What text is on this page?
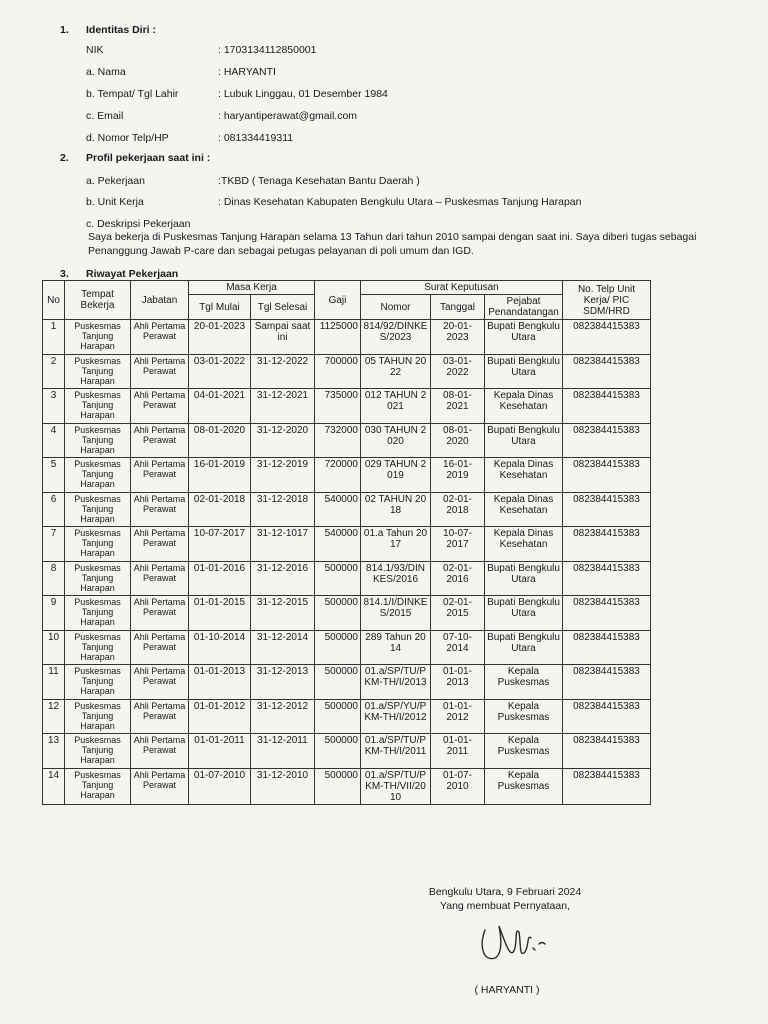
1. Identitas Diri :
NIK	: 1703134112850001
a. Nama	: HARYANTI
b. Tempat/ Tgl Lahir	: Lubuk Linggau, 01 Desember 1984
c. Email	: haryantiperawat@gmail.com
d. Nomor Telp/HP	: 081334419311
2. Profil pekerjaan saat ini :
a. Pekerjaan	:TKBD ( Tenaga Kesehatan Bantu Daerah )
b. Unit Kerja	: Dinas Kesehatan Kabupaten Bengkulu Utara – Puskesmas Tanjung Harapan
c. Deskripsi Pekerjaan
Saya bekerja di Puskesmas Tanjung Harapan selama 13 Tahun dari tahun 2010 sampai dengan saat ini. Saya diberi tugas sebagai Penanggung Jawab P-care dan sebagai petugas pelayanan di poli umum dan IGD.
3. Riwayat Pekerjaan
No	Tempat Bekerja	Jabatan	Masa Kerja		Gaji	Surat Keputusan			No. Telp Unit Kerja/ PIC SDM/HRD
			Tgl Mulai	Tgl Selesai		Nomor	Tanggal	Pejabat Penandatangan	
1	Puskesmas Tanjung Harapan	Ahli Pertama Perawat	20-01-2023	Sampai saat ini	1125000	814/92/DINKES/2023	20-01-2023	Bupati Bengkulu Utara	082384415383
2	Puskesmas Tanjung Harapan	Ahli Pertama Perawat	03-01-2022	31-12-2022	700000	05 TAHUN 2022	03-01-2022	Bupati Bengkulu Utara	082384415383
3	Puskesmas Tanjung Harapan	Ahli Pertama Perawat	04-01-2021	31-12-2021	735000	012 TAHUN 2021	08-01-2021	Kepala Dinas Kesehatan	082384415383
4	Puskesmas Tanjung Harapan	Ahli Pertama Perawat	08-01-2020	31-12-2020	732000	030 TAHUN 2020	08-01-2020	Bupati Bengkulu Utara	082384415383
5	Puskesmas Tanjung Harapan	Ahli Pertama Perawat	16-01-2019	31-12-2019	720000	029 TAHUN 2019	16-01-2019	Kepala Dinas Kesehatan	082384415383
6	Puskesmas Tanjung Harapan	Ahli Pertama Perawat	02-01-2018	31-12-2018	540000	02 TAHUN 2018	02-01-2018	Kepala Dinas Kesehatan	082384415383
7	Puskesmas Tanjung Harapan	Ahli Pertama Perawat	10-07-2017	31-12-1017	540000	01.a Tahun 2017	10-07-2017	Kepala Dinas Kesehatan	082384415383
8	Puskesmas Tanjung Harapan	Ahli Pertama Perawat	01-01-2016	31-12-2016	500000	814.1/93/DINKES/2016	02-01-2016	Bupati Bengkulu Utara	082384415383
9	Puskesmas Tanjung Harapan	Ahli Pertama Perawat	01-01-2015	31-12-2015	500000	814.1/I/DINKES/2015	02-01-2015	Bupati Bengkulu Utara	082384415383
10	Puskesmas Tanjung Harapan	Ahli Pertama Perawat	01-10-2014	31-12-2014	500000	289 Tahun 2014	07-10-2014	Bupati Bengkulu Utara	082384415383
11	Puskesmas Tanjung Harapan	Ahli Pertama Perawat	01-01-2013	31-12-2013	500000	01.a/SP/TU/PKM-TH/I/2013	01-01-2013	Kepala Puskesmas	082384415383
12	Puskesmas Tanjung Harapan	Ahli Pertama Perawat	01-01-2012	31-12-2012	500000	01.a/SP/YU/PKM-TH/I/2012	01-01-2012	Kepala Puskesmas	082384415383
13	Puskesmas Tanjung Harapan	Ahli Pertama Perawat	01-01-2011	31-12-2011	500000	01.a/SP/TU/PKM-TH/I/2011	01-01-2011	Kepala Puskesmas	082384415383
14	Puskesmas Tanjung Harapan	Ahli Pertama Perawat	01-07-2010	31-12-2010	500000	01.a/SP/TU/PKM-TH/VII/2010	01-07-2010	Kepala Puskesmas	082384415383
Bengkulu Utara, 9 Februari 2024
Yang membuat Pernyataan,
( HARYANTI )
